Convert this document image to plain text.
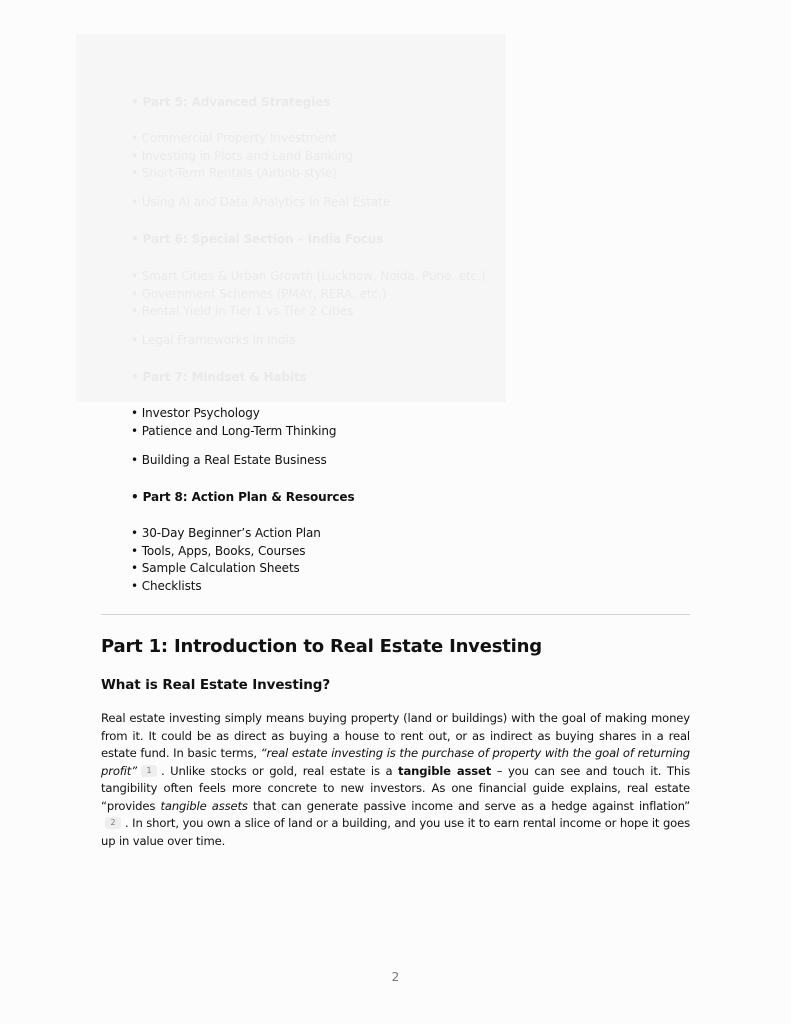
• Part 5: Advanced Strategies
• Commercial Property Investment
• Investing in Plots and Land Banking
• Short-Term Rentals (Airbnb-style)
• Using AI and Data Analytics in Real Estate
• Part 6: Special Section – India Focus
• Smart Cities & Urban Growth (Lucknow, Noida, Pune, etc.)
• Government Schemes (PMAY, RERA, etc.)
• Rental Yield in Tier 1 vs Tier 2 Cities
• Legal Frameworks in India
• Part 7: Mindset & Habits
• Investor Psychology
• Patience and Long-Term Thinking
• Building a Real Estate Business
• Part 8: Action Plan & Resources
• 30-Day Beginner’s Action Plan
• Tools, Apps, Books, Courses
• Sample Calculation Sheets
• Checklists
Part 1: Introduction to Real Estate Investing
What is Real Estate Investing?
Real estate investing simply means buying property (land or buildings) with the goal of making money from it. It could be as direct as buying a house to rent out, or as indirect as buying shares in a real estate fund. In basic terms, “real estate investing is the purchase of property with the goal of returning profit” 1 . Unlike stocks or gold, real estate is a tangible asset – you can see and touch it. This tangibility often feels more concrete to new investors. As one financial guide explains, real estate “provides tangible assets that can generate passive income and serve as a hedge against inflation”2 . In short, you own a slice of land or a building, and you use it to earn rental income or hope it goes up in value over time.
2
